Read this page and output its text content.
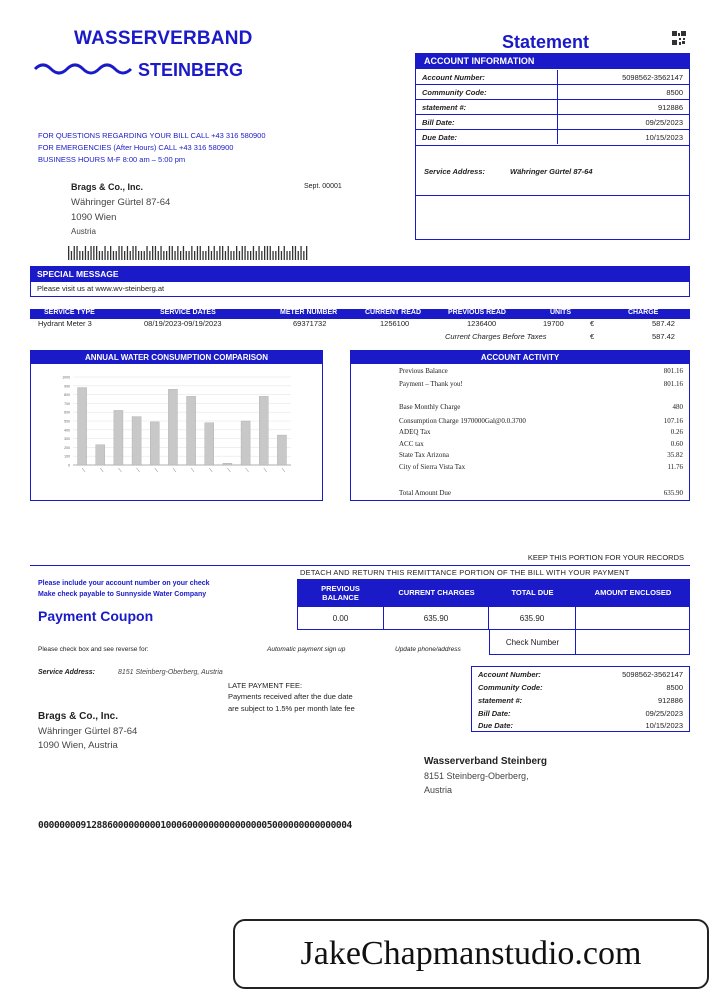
WASSERVERBAND
STEINBERG
Statement
ACCOUNT INFORMATION
Account Number:	5098562-3562147
Community Code:	8500
statement #:	912886
Bill Date:	09/25/2023
Due Date:	10/15/2023
Service Address:	Währinger Gürtel 87-64
FOR QUESTIONS REGARDING YOUR BILL CALL +43 316 580900
FOR EMERGENCIES (After Hours) CALL +43 316 580900
BUSINESS HOURS M-F 8:00 am – 5:00 pm
Brags & Co., Inc.
Währinger Gürtel 87-64
1090 Wien
Austria
Sept. 00001
SPECIAL MESSAGE
Please visit us at www.wv-steinberg.at
SERVICE TYPE	SERVICE DATES	METER NUMBER	CURRENT READ	PREVIOUS READ	UNITS	CHARGE
Hydrant Meter 3	08/19/2023-09/19/2023	69371732	1256100	1236400	19700	€	587.42
Current Charges Before Taxes	€	587.42
ANNUAL WATER CONSUMPTION COMPARISON
0
100
200
300
400
500
600
700
800
900
1000
ACCOUNT ACTIVITY
Previous Balance	801.16
Payment – Thank you!	801.16
Base Monthly Charge	480
Consumption Charge 1970000Gal@0.0.3700	107.16
ADEQ Tax	0.26
ACC tax	0.60
State Tax Arizona	35.82
City of Sierra Vista Tax	11.76
Total Amount Due	635.90
KEEP THIS PORTION FOR YOUR RECORDS
DETACH AND RETURN THIS REMITTANCE PORTION OF THE BILL WITH YOUR PAYMENT
Please include your account number on your check
Make check payable to Sunnyside Water Company
Payment Coupon
PREVIOUS BALANCE	CURRENT CHARGES	TOTAL DUE	AMOUNT ENCLOSED
0.00	635.90	635.90
Check Number
Please check box and see reverse for:	Automatic payment sign up	Update phone/address
Service Address:	8151 Steinberg-Oberberg, Austria
LATE PAYMENT FEE:
Payments received after the due date
are subject to 1.5% per month late fee
Brags & Co., Inc.
Währinger Gürtel 87-64
1090 Wien, Austria
Account Number:	5098562-3562147
Community Code:	8500
statement #:	912886
Bill Date:	09/25/2023
Due Date:	10/15/2023
Wasserverband Steinberg
8151 Steinberg-Oberberg,
Austria
00000000912886000000000100060000000000000005000000000000004
JakeChapmanstudio.com
